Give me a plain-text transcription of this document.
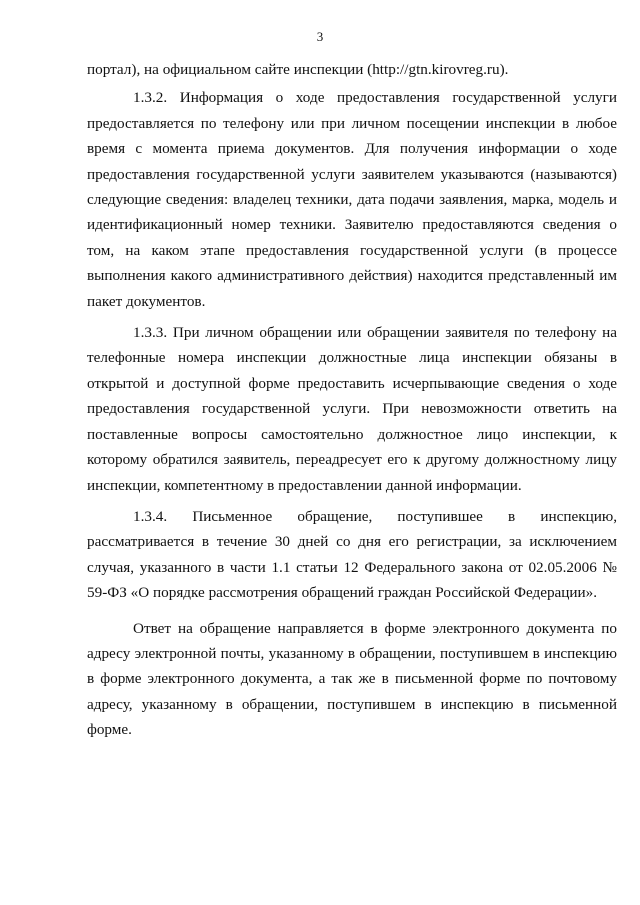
3

портал), на официальном сайте инспекции (http://gtn.kirovreg.ru).

1.3.2. Информация о ходе предоставления государственной услуги предоставляется по телефону или при личном посещении инспекции в любое время с момента приема документов. Для получения информации о ходе предоставления государственной услуги заявителем указываются (называются) следующие сведения: владелец техники, дата подачи заявления, марка, модель и идентификационный номер техники. Заявителю предоставляются сведения о том, на каком этапе предоставления государственной услуги (в процессе выполнения какого административного действия) находится представленный им пакет документов.

1.3.3. При личном обращении или обращении заявителя по телефону на телефонные номера инспекции должностные лица инспекции обязаны в открытой и доступной форме предоставить исчерпывающие сведения о ходе предоставления государственной услуги. При невозможности ответить на поставленные вопросы самостоятельно должностное лицо инспекции, к которому обратился заявитель, переадресует его к другому должностному лицу инспекции, компетентному в предоставлении данной информации.

1.3.4. Письменное обращение, поступившее в инспекцию, рассматривается в течение 30 дней со дня его регистрации, за исключением случая, указанного в части 1.1 статьи 12 Федерального закона от 02.05.2006 № 59-ФЗ «О порядке рассмотрения обращений граждан Российской Федерации».

Ответ на обращение направляется в форме электронного документа по адресу электронной почты, указанному в обращении, поступившем в инспекцию в форме электронного документа, а так же в письменной форме по почтовому адресу, указанному в обращении, поступившем в инспекцию в письменной форме.
